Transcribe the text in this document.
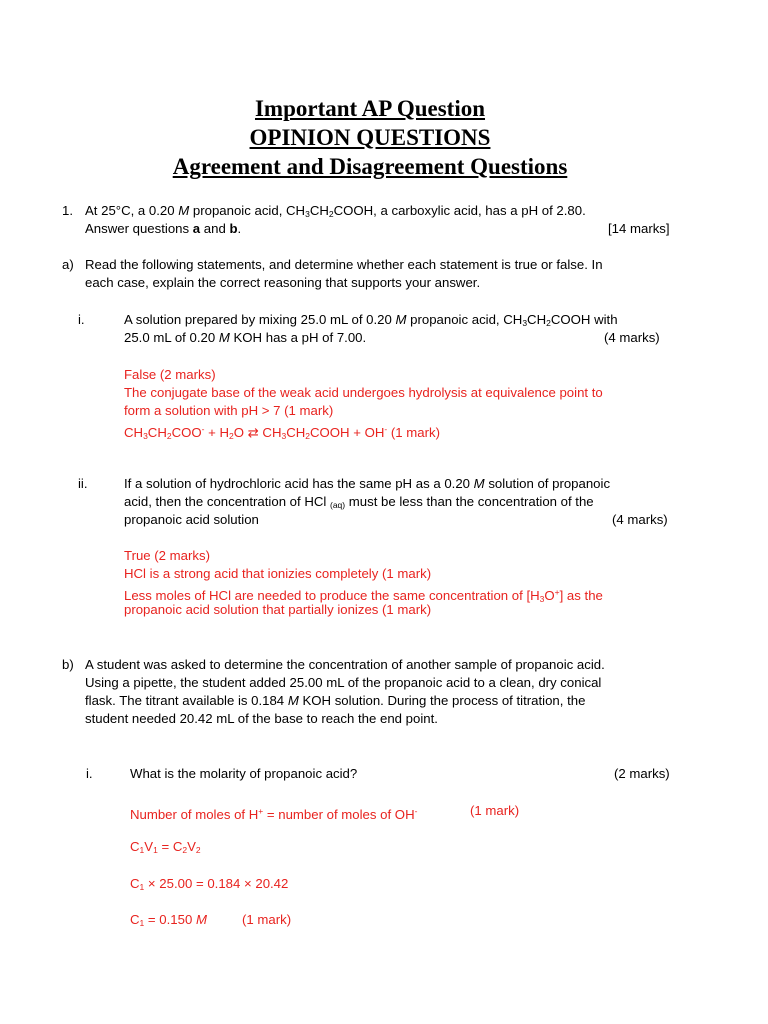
Important AP Question
OPINION QUESTIONS
Agreement and Disagreement Questions
1. At 25°C, a 0.20 M propanoic acid, $CH_3CH_2COOH$, a carboxylic acid, has a pH of 2.80.
Answer questions a and b.	[14 marks]
a) Read the following statements, and determine whether each statement is true or false. In
each case, explain the correct reasoning that supports your answer.
i.	A solution prepared by mixing 25.0 mL of 0.20 M propanoic acid, $CH_3CH_2COOH$ with
25.0 mL of 0.20 M KOH has a pH of 7.00.	(4 marks)
False (2 marks)
The conjugate base of the weak acid undergoes hydrolysis at equivalence point to
form a solution with pH > 7 (1 mark)
$CH_3CH_2COO^- + H_2O$ ⇄ $CH_3CH_2COOH + OH^-$ (1 mark)
ii.	If a solution of hydrochloric acid has the same pH as a 0.20 M solution of propanoic
acid, then the concentration of HCl $_{(aq)}$ must be less than the concentration of the
propanoic acid solution	(4 marks)
True (2 marks)
HCl is a strong acid that ionizies completely (1 mark)
Less moles of HCl are needed to produce the same concentration of $[H_3O^+]$ as the
propanoic acid solution that partially ionizes (1 mark)
b) A student was asked to determine the concentration of another sample of propanoic acid.
Using a pipette, the student added 25.00 mL of the propanoic acid to a clean, dry conical
flask. The titrant available is 0.184 M KOH solution. During the process of titration, the
student needed 20.42 mL of the base to reach the end point.
i.	What is the molarity of propanoic acid?	(2 marks)
Number of moles of H+ = number of moles of OH-	(1 mark)
$C_1V_1 = C_2V_2$
$C_1 \times 25.00 = 0.184 \times 20.42$
$C_1 = 0.150$ M	(1 mark)
